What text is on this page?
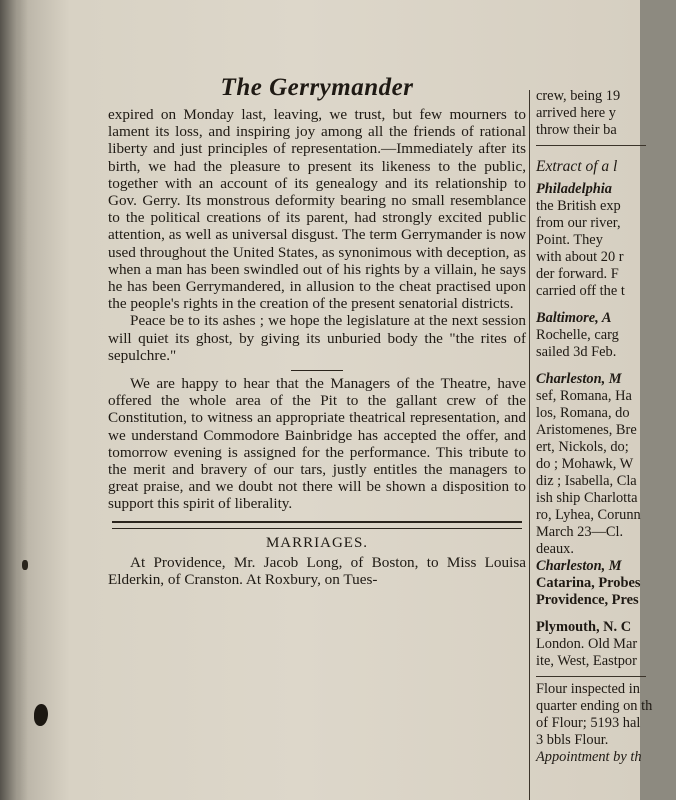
The Gerrymander

expired on Monday last, leaving, we trust, but few mourners to lament its loss, and inspiring joy among all the friends of rational liberty and just principles of representation.—Immediately after its birth, we had the pleasure to present its likeness to the public, together with an account of its genealogy and its relationship to Gov. Gerry. Its monstrous deformity bearing no small resemblance to the political creations of its parent, had strongly excited public attention, as well as universal disgust. The term Gerrymander is now used throughout the United States, as synonimous with deception, as when a man has been swindled out of his rights by a villain, he says he has been Gerrymandered, in allusion to the cheat practised upon the people's rights in the creation of the present senatorial districts.

Peace be to its ashes ; we hope the legislature at the next session will quiet its ghost, by giving its unburied body the "the rites of sepulchre."

We are happy to hear that the Managers of the Theatre, have offered the whole area of the Pit to the gallant crew of the Constitution, to witness an appropriate theatrical representation, and we understand Commodore Bainbridge has accepted the offer, and tomorrow evening is assigned for the performance. This tribute to the merit and bravery of our tars, justly entitles the managers to great praise, and we doubt not there will be shown a disposition to support this spirit of liberality.

MARRIAGES.

At Providence, Mr. Jacob Long, of Boston, to Miss Louisa Elderkin, of Cranston. At Roxbury, on Tues-

crew, being 19
arrived here y
throw their ba
Extract of a l
Philadelphia
the British exp
from our river,
Point. They
with about 20 r
der forward. F
carried off the t
Baltimore, A
Rochelle, carg
sailed 3d Feb.
Charleston, M
sef, Romana, Ha
los, Romana, do
Aristomenes, Bre
ert, Nickols, do;
do ; Mohawk, W
diz ; Isabella, Cla
ish ship Charlotta
ro, Lyhea, Corunn
March 23—Cl.
deaux.
Charleston, M
Catarina, Probes
Providence, Pres
Plymouth, N. C
London. Old Mar
ite, West, Eastpor
Flour inspected in
quarter ending on th
of Flour; 5193 hal
3 bbls Flour.
Appointment by th
